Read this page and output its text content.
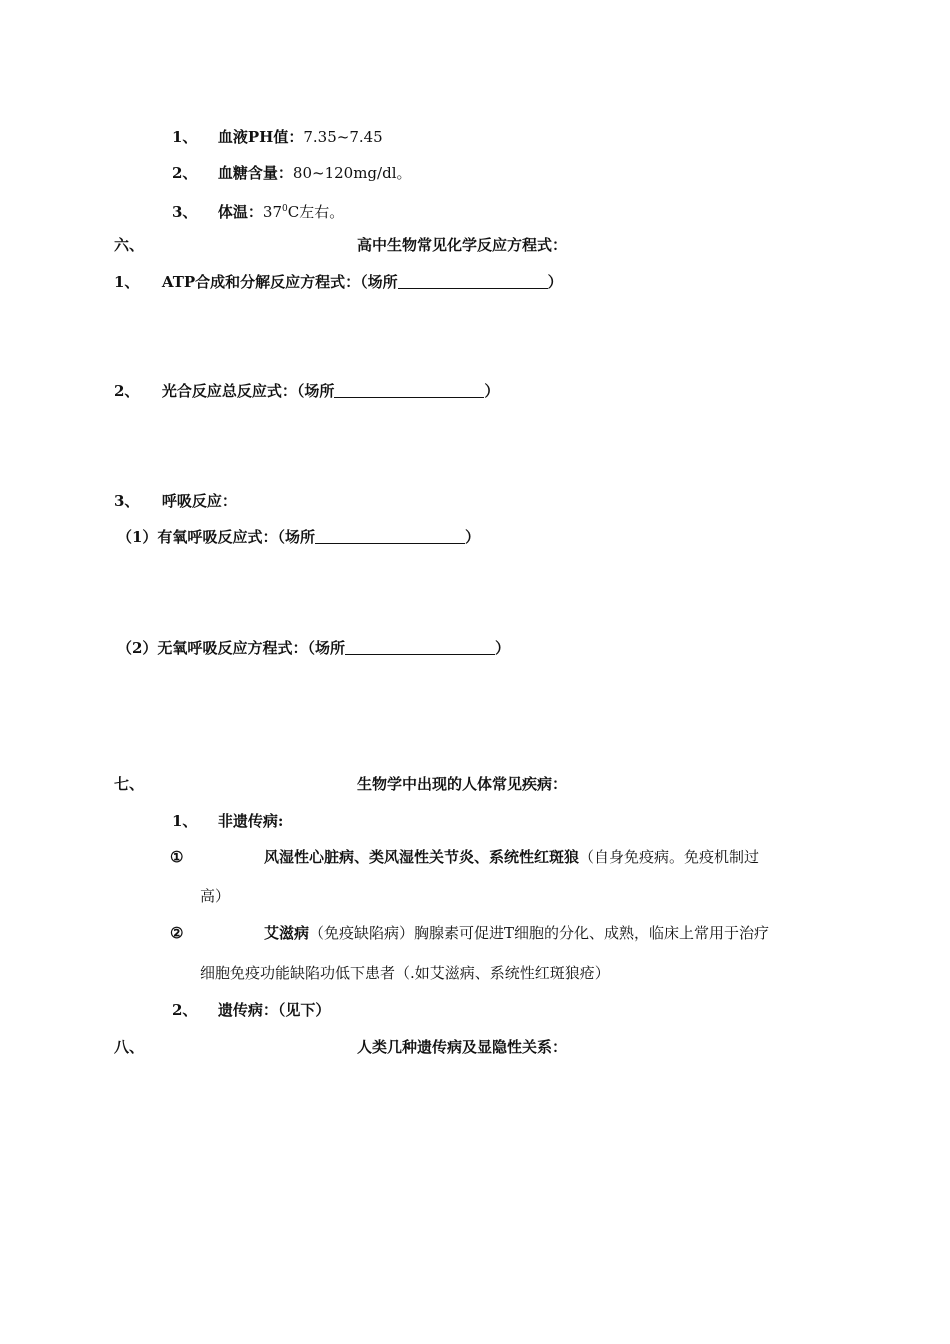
1、 血液PH值：7.35~7.45
2、 血糖含量：80~120mg/dl。
3、 体温：$37^0C$左右。
六、	高中生物常见化学反应方程式：
1、 ATP合成和分解反应方程式：（场所	）
2、 光合反应总反应式：（场所	）
3、 呼吸反应：
（1）有氧呼吸反应式：（场所	）
（2）无氧呼吸反应方程式：（场所	）
七、	生物学中出现的人体常见疾病：
1、 非遗传病:
①	风湿性心脏病、类风湿性关节炎、系统性红斑狼（自身免疫病。免疫机制过
高）
②	艾滋病（免疫缺陷病）胸腺素可促进T细胞的分化、成熟，临床上常用于治疗
细胞免疫功能缺陷功低下患者（.如艾滋病、系统性红斑狼疮）
2、 遗传病：（见下）
八、	人类几种遗传病及显隐性关系：
